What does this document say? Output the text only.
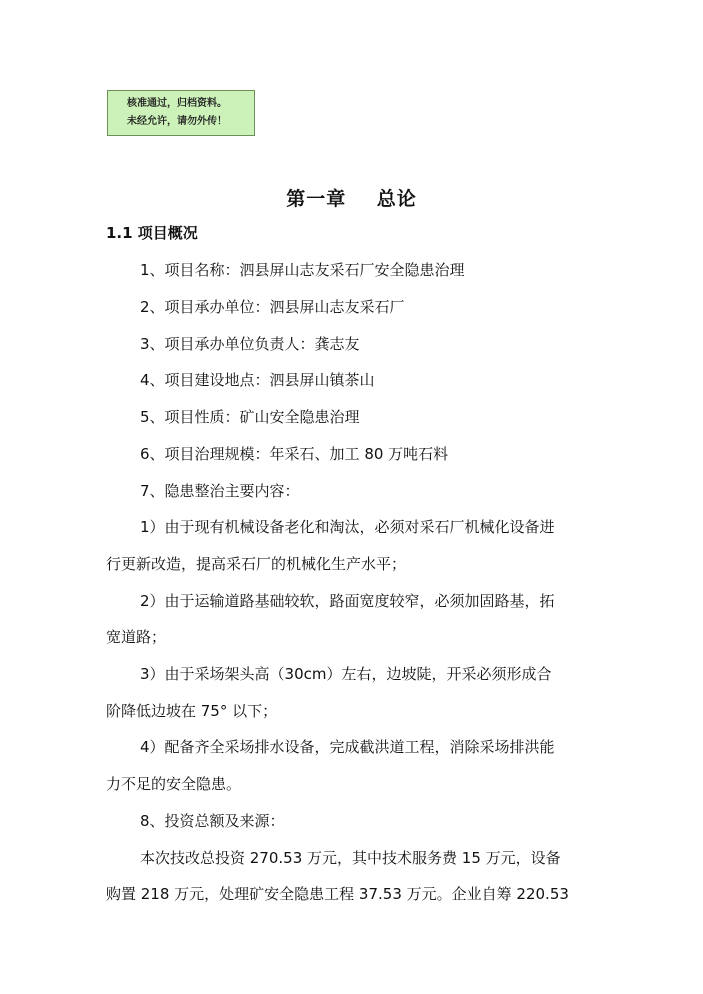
核准通过，归档资料。
未经允许，请勿外传！
第一章    总论
1.1 项目概况
1、项目名称：泗县屏山志友采石厂安全隐患治理
2、项目承办单位：泗县屏山志友采石厂
3、项目承办单位负责人：龚志友
4、项目建设地点：泗县屏山镇茶山
5、项目性质：矿山安全隐患治理
6、项目治理规模：年采石、加工 80 万吨石料
7、隐患整治主要内容：
1）由于现有机械设备老化和淘汰，必须对采石厂机械化设备进
行更新改造，提高采石厂的机械化生产水平；
2）由于运输道路基础较软，路面宽度较窄，必须加固路基，拓
宽道路；
3）由于采场架头高（30cm）左右，边坡陡，开采必须形成合
阶降低边坡在 75° 以下；
4）配备齐全采场排水设备，完成截洪道工程，消除采场排洪能
力不足的安全隐患。
8、投资总额及来源：
本次技改总投资 270.53 万元，其中技术服务费 15 万元，设备
购置 218 万元，处理矿安全隐患工程 37.53 万元。企业自筹 220.53
